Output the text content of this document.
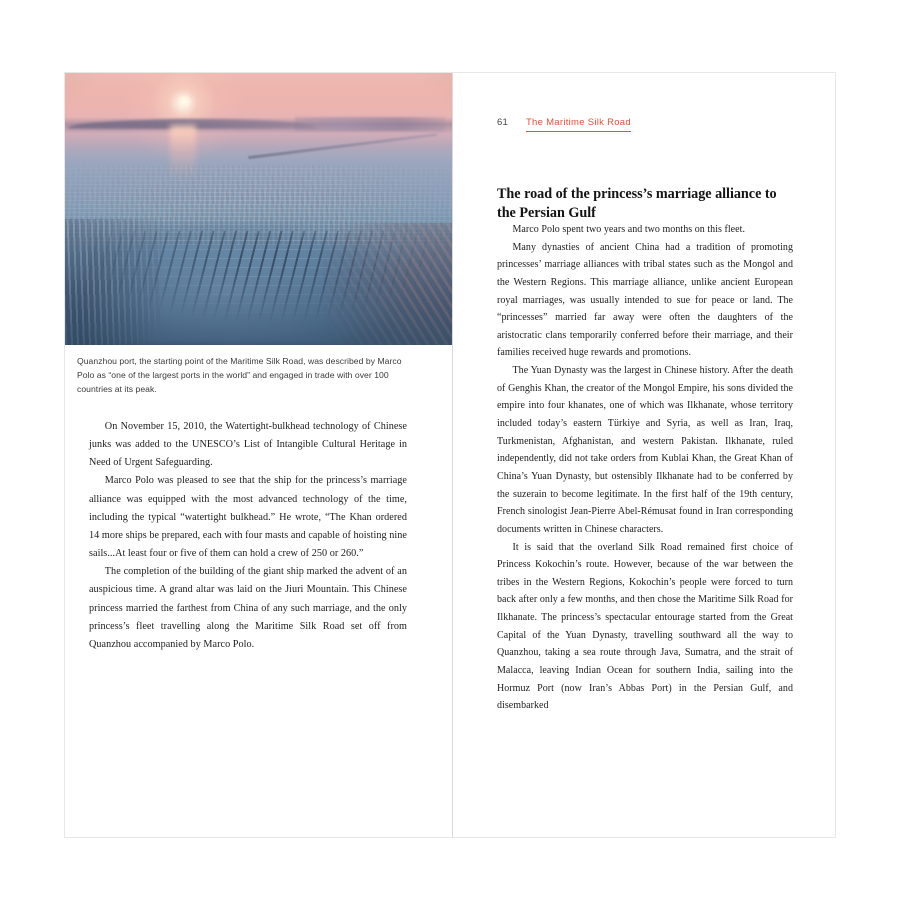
Quanzhou port, the starting point of the Maritime Silk Road, was described by Marco Polo as “one of the largest ports in the world” and engaged in trade with over 100 countries at its peak.

On November 15, 2010, the Watertight-bulkhead technology of Chinese junks was added to the UNESCO’s List of Intangible Cultural Heritage in Need of Urgent Safeguarding.

Marco Polo was pleased to see that the ship for the princess’s marriage alliance was equipped with the most advanced technology of the time, including the typical “watertight bulkhead.” He wrote, “The Khan ordered 14 more ships be prepared, each with four masts and capable of hoisting nine sails...At least four or five of them can hold a crew of 250 or 260.”

The completion of the building of the giant ship marked the advent of an auspicious time. A grand altar was laid on the Jiuri Mountain. This Chinese princess married the farthest from China of any such marriage, and the only princess’s fleet travelling along the Maritime Silk Road set off from Quanzhou accompanied by Marco Polo.

61 The Maritime Silk Road
The road of the princess’s marriage alliance to the Persian Gulf

Marco Polo spent two years and two months on this fleet.

Many dynasties of ancient China had a tradition of promoting princesses’ marriage alliances with tribal states such as the Mongol and the Western Regions. This marriage alliance, unlike ancient European royal marriages, was usually intended to sue for peace or land. The “princesses” married far away were often the daughters of the aristocratic clans temporarily conferred before their marriage, and their families received huge rewards and promotions.

The Yuan Dynasty was the largest in Chinese history. After the death of Genghis Khan, the creator of the Mongol Empire, his sons divided the empire into four khanates, one of which was Ilkhanate, whose territory included today’s eastern Türkiye and Syria, as well as Iran, Iraq, Turkmenistan, Afghanistan, and western Pakistan. Ilkhanate, ruled independently, did not take orders from Kublai Khan, the Great Khan of China’s Yuan Dynasty, but ostensibly Ilkhanate had to be conferred by the suzerain to become legitimate. In the first half of the 19th century, French sinologist Jean-Pierre Abel-Rémusat found in Iran corresponding documents written in Chinese characters.

It is said that the overland Silk Road remained first choice of Princess Kokochin’s route. However, because of the war between the tribes in the Western Regions, Kokochin’s people were forced to turn back after only a few months, and then chose the Maritime Silk Road for Ilkhanate. The princess’s spectacular entourage started from the Great Capital of the Yuan Dynasty, travelling southward all the way to Quanzhou, taking a sea route through Java, Sumatra, and the strait of Malacca, leaving Indian Ocean for southern India, sailing into the Hormuz Port (now Iran’s Abbas Port) in the Persian Gulf, and disembarked
